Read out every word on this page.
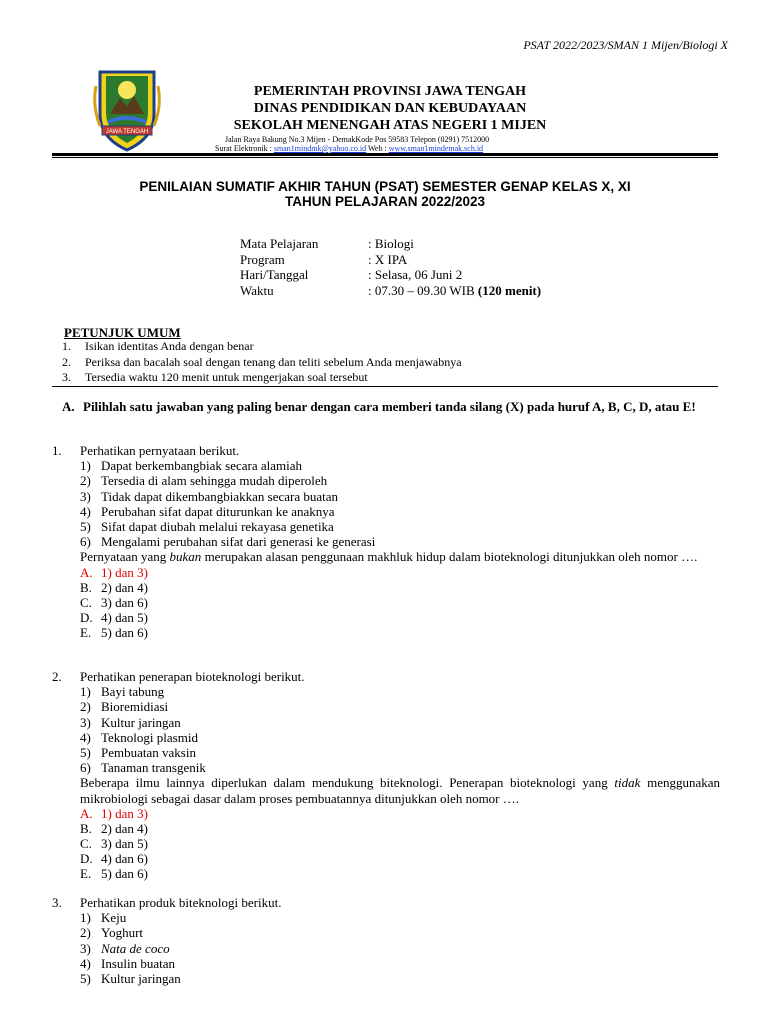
PSAT 2022/2023/SMAN 1 Mijen/Biologi X
JAWA TENGAH
PEMERINTAH PROVINSI JAWA TENGAH
DINAS PENDIDIKAN DAN KEBUDAYAAN
SEKOLAH MENENGAH ATAS NEGERI 1 MIJEN
Jalan Raya Bakung No.3 Mijen - DemakKode Pos 59583 Telepon (0291) 7512000
Surat Elektronik : sman1mindmk@yahoo.co.id Web : www.sman1mindemak.sch.id
PENILAIAN SUMATIF AKHIR TAHUN (PSAT) SEMESTER GENAP KELAS X, XI
TAHUN PELAJARAN 2022/2023
Mata Pelajaran	: Biologi
Program	: X IPA
Hari/Tanggal	: Selasa, 06 Juni 2
Waktu	: 07.30 – 09.30 WIB (120 menit)
PETUNJUK UMUM
1. Isikan identitas Anda dengan benar
2. Periksa dan bacalah soal dengan tenang dan teliti sebelum Anda menjawabnya
3. Tersedia waktu 120 menit untuk mengerjakan soal tersebut
A. Pilihlah satu jawaban yang paling benar dengan cara memberi tanda silang (X) pada huruf A, B, C, D, atau E!
1. Perhatikan pernyataan berikut.
1) Dapat berkembangbiak secara alamiah
2) Tersedia di alam sehingga mudah diperoleh
3) Tidak dapat dikembangbiakkan secara buatan
4) Perubahan sifat dapat diturunkan ke anaknya
5) Sifat dapat diubah melalui rekayasa genetika
6) Mengalami perubahan sifat dari generasi ke generasi
Pernyataan yang bukan merupakan alasan penggunaan makhluk hidup dalam bioteknologi ditunjukkan oleh nomor ….
A. 1) dan 3)
B. 2) dan 4)
C. 3) dan 6)
D. 4) dan 5)
E. 5) dan 6)
2. Perhatikan penerapan bioteknologi berikut.
1) Bayi tabung
2) Bioremidiasi
3) Kultur jaringan
4) Teknologi plasmid
5) Pembuatan vaksin
6) Tanaman transgenik
Beberapa ilmu lainnya diperlukan dalam mendukung biteknologi. Penerapan bioteknologi yang tidak menggunakan mikrobiologi sebagai dasar dalam proses pembuatannya ditunjukkan oleh nomor ….
A. 1) dan 3)
B. 2) dan 4)
C. 3) dan 5)
D. 4) dan 6)
E. 5) dan 6)
3. Perhatikan produk biteknologi berikut.
1) Keju
2) Yoghurt
3) Nata de coco
4) Insulin buatan
5) Kultur jaringan
